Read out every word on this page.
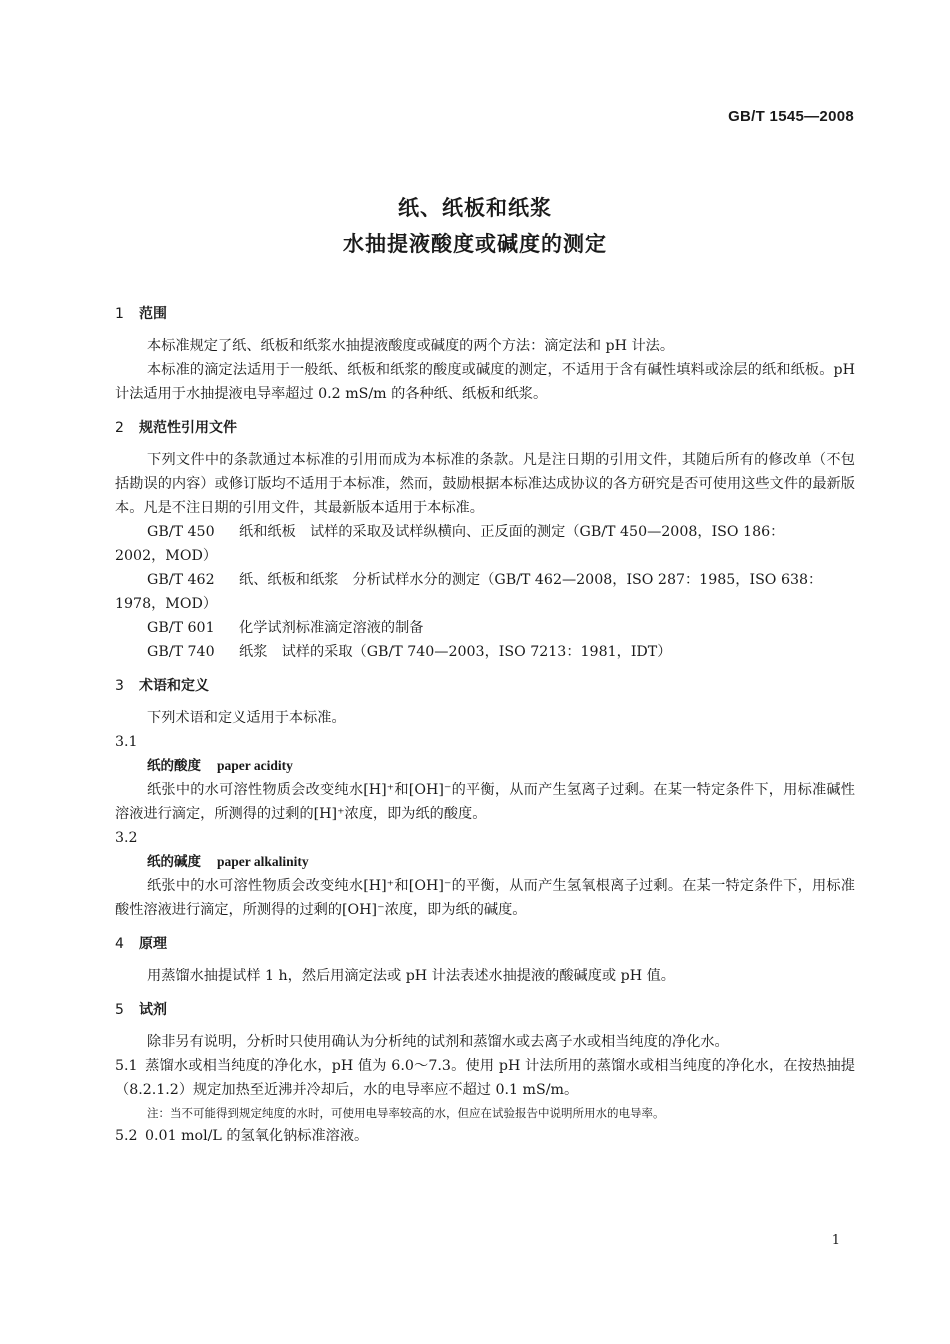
GB/T 1545—2008
纸、纸板和纸浆
水抽提液酸度或碱度的测定

1 范围

本标准规定了纸、纸板和纸浆水抽提液酸度或碱度的两个方法：滴定法和 pH 计法。

本标准的滴定法适用于一般纸、纸板和纸浆的酸度或碱度的测定，不适用于含有碱性填料或涂层的纸和纸板。pH 计法适用于水抽提液电导率超过 0.2 mS/m 的各种纸、纸板和纸浆。

2 规范性引用文件

下列文件中的条款通过本标准的引用而成为本标准的条款。凡是注日期的引用文件，其随后所有的修改单（不包括勘误的内容）或修订版均不适用于本标准，然而，鼓励根据本标准达成协议的各方研究是否可使用这些文件的最新版本。凡是不注日期的引用文件，其最新版本适用于本标准。

GB/T 450 纸和纸板　试样的采取及试样纵横向、正反面的测定（GB/T 450—2008，ISO 186：
2002，MOD）

GB/T 462 纸、纸板和纸浆　分析试样水分的测定（GB/T 462—2008，ISO 287：1985，ISO 638：
1978，MOD）

GB/T 601 化学试剂标准滴定溶液的制备

GB/T 740 纸浆　试样的采取（GB/T 740—2003，ISO 7213：1981，IDT）

3 术语和定义

下列术语和定义适用于本标准。

3.1

纸的酸度 paper acidity

纸张中的水可溶性物质会改变纯水[H]⁺和[OH]⁻的平衡，从而产生氢离子过剩。在某一特定条件下，用标准碱性溶液进行滴定，所测得的过剩的[H]⁺浓度，即为纸的酸度。

3.2

纸的碱度 paper alkalinity

纸张中的水可溶性物质会改变纯水[H]⁺和[OH]⁻的平衡，从而产生氢氧根离子过剩。在某一特定条件下，用标准酸性溶液进行滴定，所测得的过剩的[OH]⁻浓度，即为纸的碱度。

4 原理

用蒸馏水抽提试样 1 h，然后用滴定法或 pH 计法表述水抽提液的酸碱度或 pH 值。

5 试剂

除非另有说明，分析时只使用确认为分析纯的试剂和蒸馏水或去离子水或相当纯度的净化水。

5.1 蒸馏水或相当纯度的净化水，pH 值为 6.0～7.3。使用 pH 计法所用的蒸馏水或相当纯度的净化水，在按热抽提（8.2.1.2）规定加热至近沸并冷却后，水的电导率应不超过 0.1 mS/m。

注：当不可能得到规定纯度的水时，可使用电导率较高的水，但应在试验报告中说明所用水的电导率。

5.2 0.01 mol/L 的氢氧化钠标准溶液。

1
